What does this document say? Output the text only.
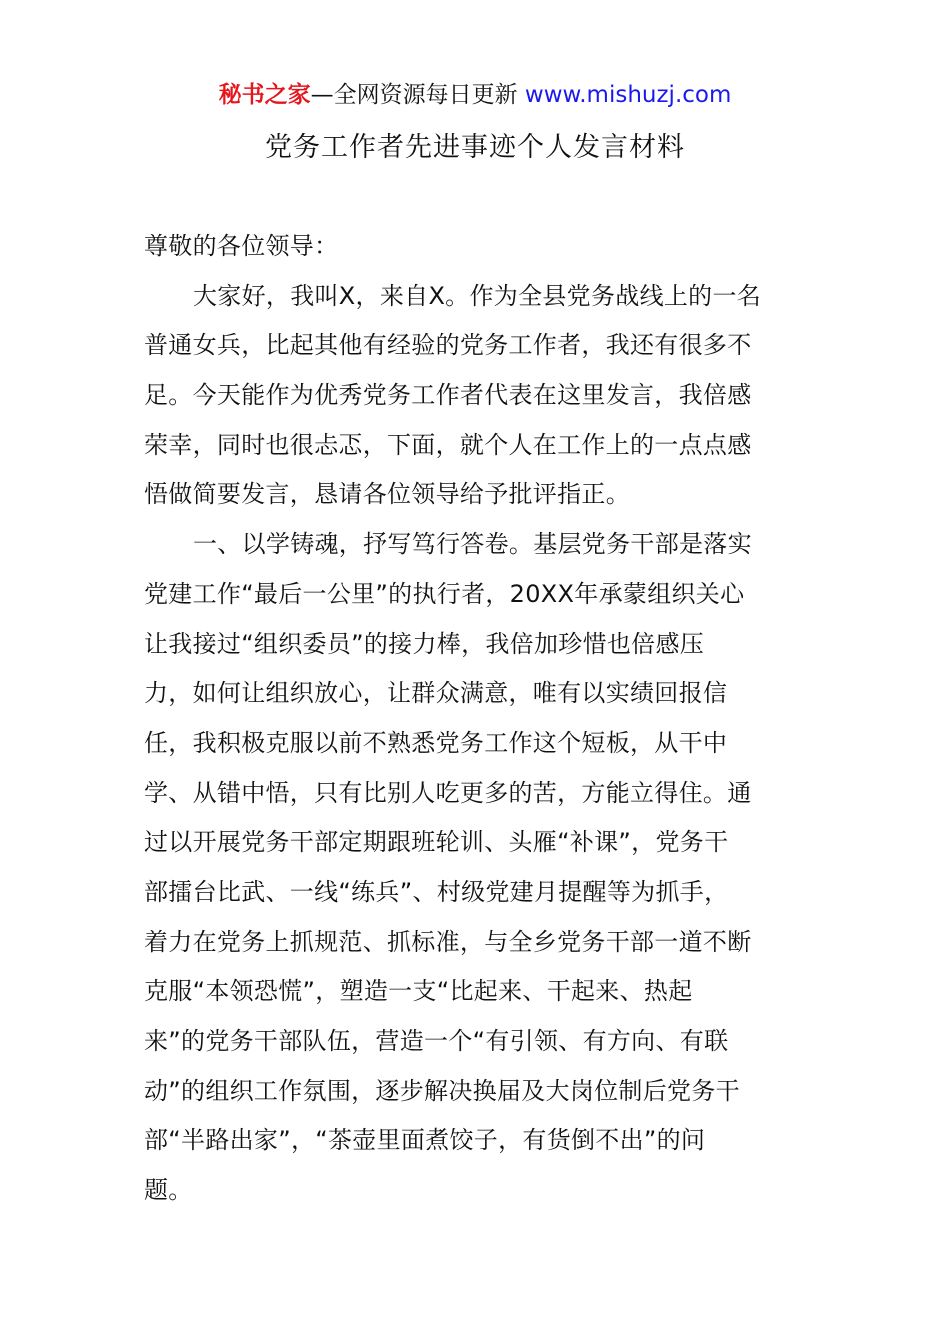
秘书之家—全网资源每日更新 www.mishuzj.com
党务工作者先进事迹个人发言材料
尊敬的各位领导：
大家好，我叫X，来自X。作为全县党务战线上的一名
普通女兵，比起其他有经验的党务工作者，我还有很多不
足。今天能作为优秀党务工作者代表在这里发言，我倍感
荣幸，同时也很忐忑，下面，就个人在工作上的一点点感
悟做简要发言，恳请各位领导给予批评指正。
一、以学铸魂，抒写笃行答卷。基层党务干部是落实
党建工作“最后一公里”的执行者，20XX年承蒙组织关心
让我接过“组织委员”的接力棒，我倍加珍惜也倍感压
力，如何让组织放心，让群众满意，唯有以实绩回报信
任，我积极克服以前不熟悉党务工作这个短板，从干中
学、从错中悟，只有比别人吃更多的苦，方能立得住。通
过以开展党务干部定期跟班轮训、头雁“补课”，党务干
部擂台比武、一线“练兵”、村级党建月提醒等为抓手，
着力在党务上抓规范、抓标准，与全乡党务干部一道不断
克服“本领恐慌”，塑造一支“比起来、干起来、热起
来”的党务干部队伍，营造一个“有引领、有方向、有联
动”的组织工作氛围，逐步解决换届及大岗位制后党务干
部“半路出家”，“茶壶里面煮饺子，有货倒不出”的问
题。
